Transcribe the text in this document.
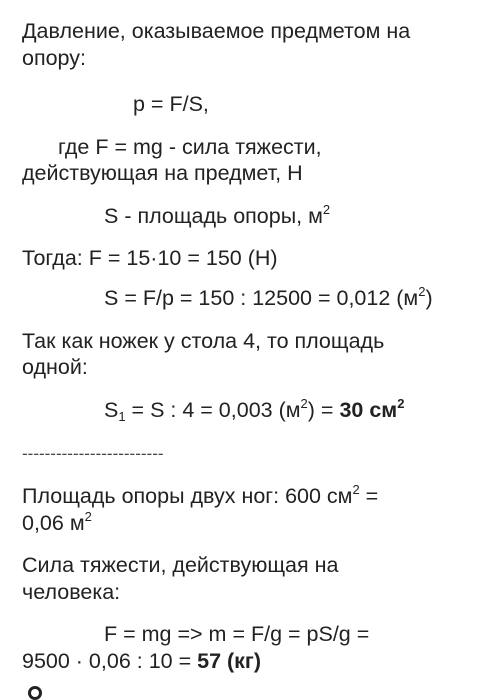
Давление, оказываемое предметом на
опору:
p = F/S,
где F = mg - сила тяжести,
действующая на предмет, Н
S - площадь опоры, $м^2$
Тогда: F = 15·10 = 150 (Н)
S = F/p = 150 : 12500 = 0,012 $(м^2)$
Так как ножек у стола 4, то площадь
одной:
$S_1 = S$ : 4 = 0,003 $(м^2) = 30$ $см^2$
-------------------------
Площадь опоры двух ног: 600 $см^2$ =
0,06 $м^2$
Сила тяжести, действующая на
человека:
F = mg => m = F/g = pS/g =
9500 · 0,06 : 10 = 57 (кг)
